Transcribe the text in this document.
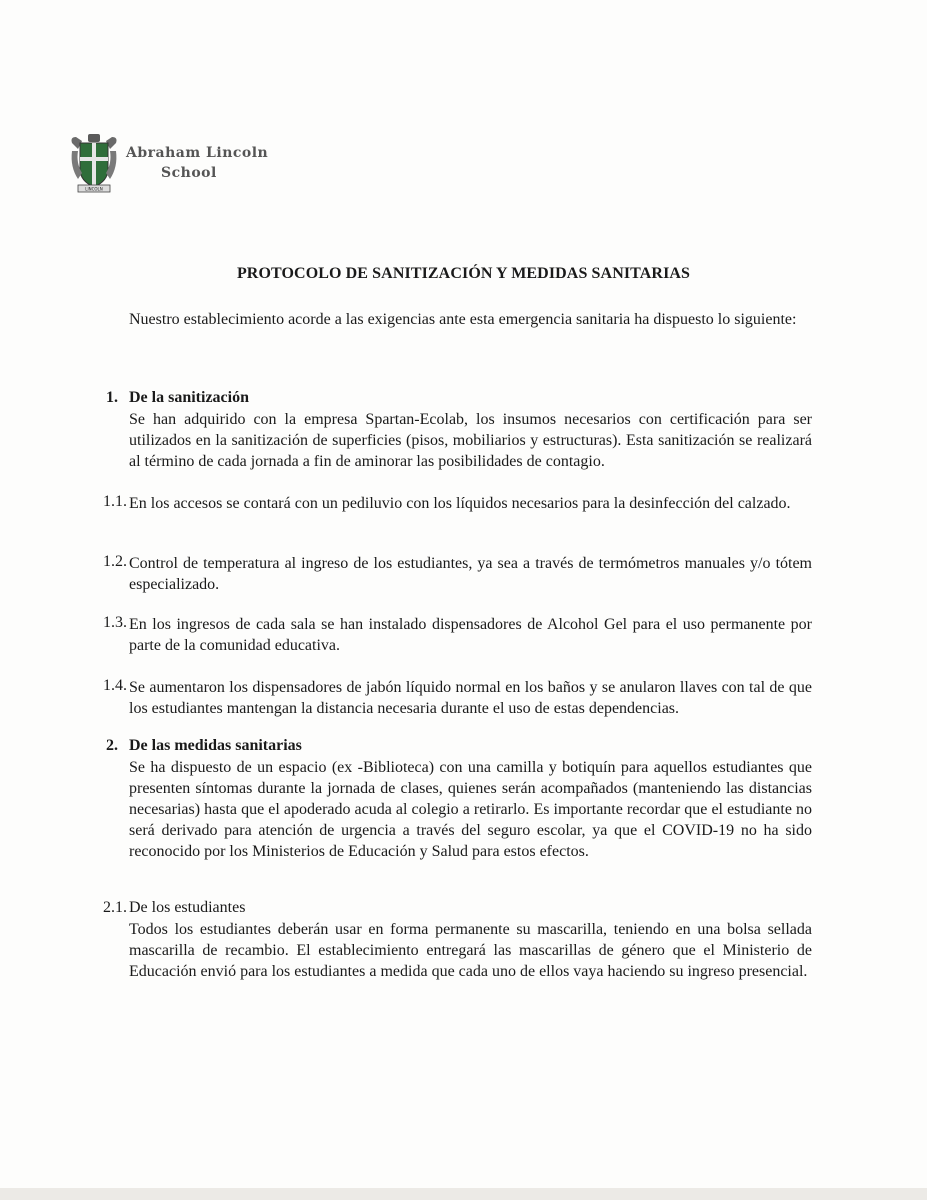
LINCOLN
Abraham Lincoln
School
PROTOCOLO DE SANITIZACIÓN Y MEDIDAS SANITARIAS
Nuestro establecimiento acorde a las exigencias ante esta emergencia sanitaria ha dispuesto lo siguiente:
1. De la sanitización
Se han adquirido con la empresa Spartan-Ecolab, los insumos necesarios con certificación para ser utilizados en la sanitización de superficies (pisos, mobiliarios y estructuras). Esta sanitización se realizará al término de cada jornada a fin de aminorar las posibilidades de contagio.
1.1. En los accesos se contará con un pediluvio con los líquidos necesarios para la desinfección del calzado.
1.2. Control de temperatura al ingreso de los estudiantes, ya sea a través de termómetros manuales y/o tótem especializado.
1.3. En los ingresos de cada sala se han instalado dispensadores de Alcohol Gel para el uso permanente por parte de la comunidad educativa.
1.4. Se aumentaron los dispensadores de jabón líquido normal en los baños y se anularon llaves con tal de que los estudiantes mantengan la distancia necesaria durante el uso de estas dependencias.
2. De las medidas sanitarias
Se ha dispuesto de un espacio (ex -Biblioteca) con una camilla y botiquín para aquellos estudiantes que presenten síntomas durante la jornada de clases, quienes serán acompañados (manteniendo las distancias necesarias) hasta que el apoderado acuda al colegio a retirarlo. Es importante recordar que el estudiante no será derivado para atención de urgencia a través del seguro escolar, ya que el COVID-19 no ha sido reconocido por los Ministerios de Educación y Salud para estos efectos.
2.1. De los estudiantes
Todos los estudiantes deberán usar en forma permanente su mascarilla, teniendo en una bolsa sellada mascarilla de recambio. El establecimiento entregará las mascarillas de género que el Ministerio de Educación envió para los estudiantes a medida que cada uno de ellos vaya haciendo su ingreso presencial.
